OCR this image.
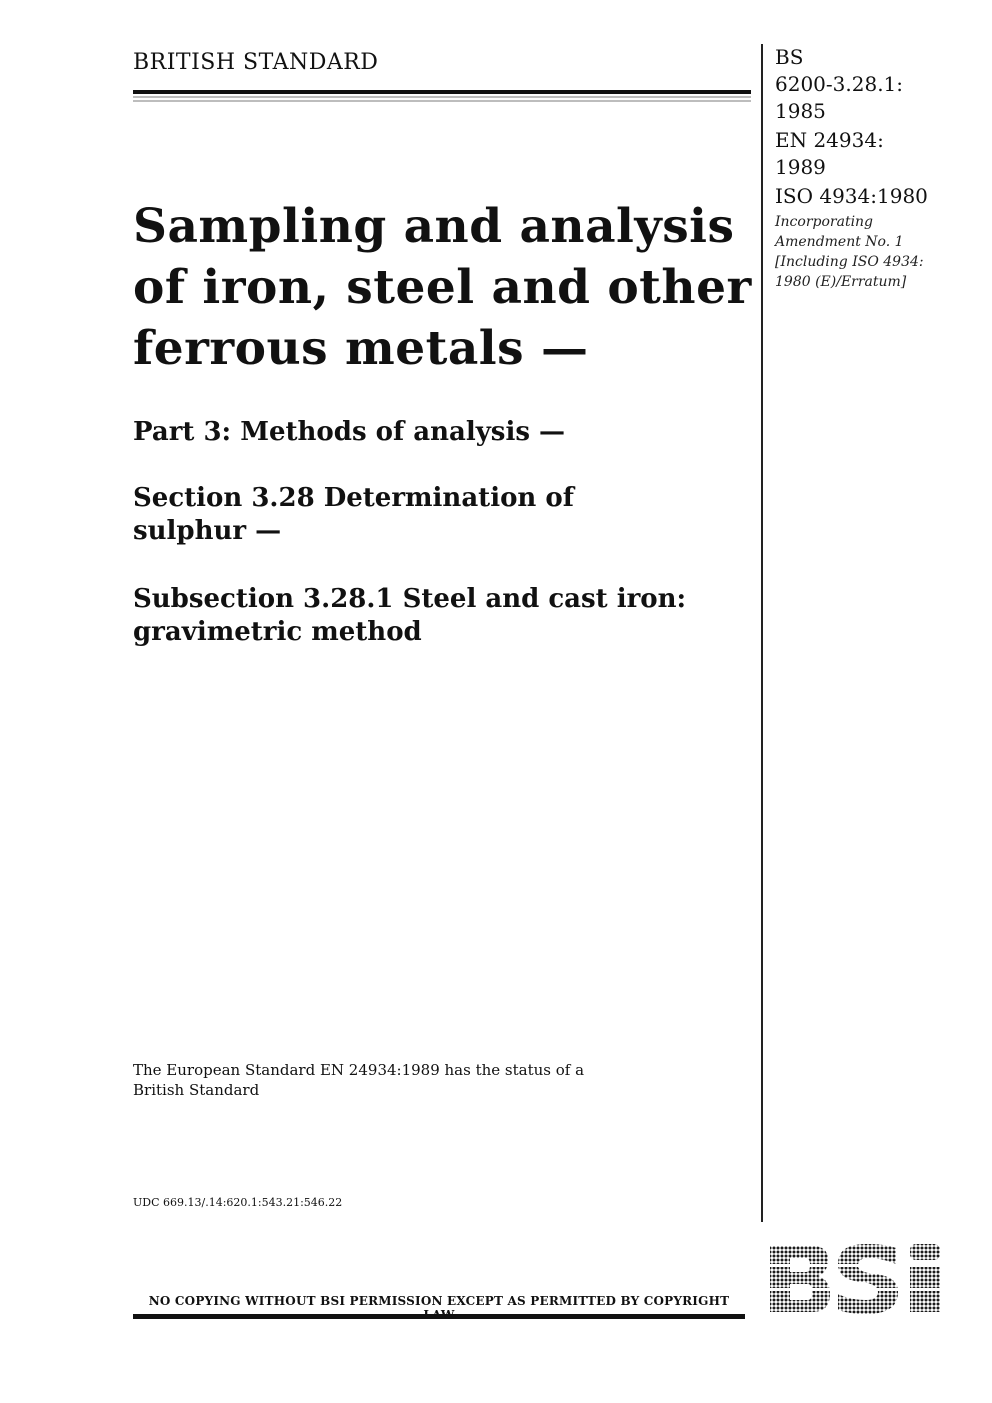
BRITISH STANDARD	BS
6200-3.28.1:
1985
EN 24934:
1989
ISO 4934:1980
Incorporating
Amendment No. 1
[Including ISO 4934:
1980 (E)/Erratum]
Sampling and analysis
of iron, steel and other
ferrous metals —
Part 3: Methods of analysis —
Section 3.28 Determination of
sulphur —
Subsection 3.28.1 Steel and cast iron:
gravimetric method
The European Standard EN 24934:1989 has the status of a
British Standard
UDC 669.13/.14:620.1:543.21:546.22
NO COPYING WITHOUT BSI PERMISSION EXCEPT AS PERMITTED BY COPYRIGHT
